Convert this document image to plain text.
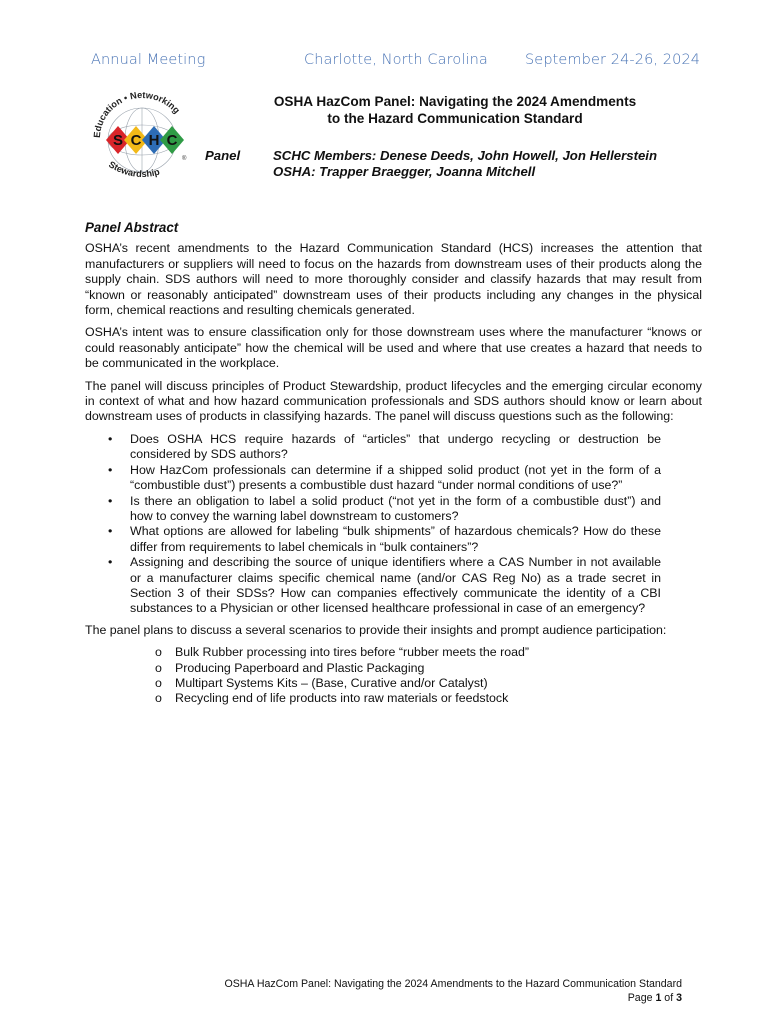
Annual Meeting	Charlotte, North Carolina	September 24-26, 2024
Education • Networking
S C H C
®
Stewardship
OSHA HazCom Panel: Navigating the 2024 Amendments
to the Hazard Communication Standard
Panel SCHC Members: Denese Deeds, John Howell, Jon Hellerstein
OSHA: Trapper Braegger, Joanna Mitchell
Panel Abstract

OSHA’s recent amendments to the Hazard Communication Standard (HCS) increases the attention that manufacturers or suppliers will need to focus on the hazards from downstream uses of their products along the supply chain. SDS authors will need to more thoroughly consider and classify hazards that may result from “known or reasonably anticipated” downstream uses of their products including any changes in the physical form, chemical reactions and resulting chemicals generated.

OSHA’s intent was to ensure classification only for those downstream uses where the manufacturer “knows or could reasonably anticipate” how the chemical will be used and where that use creates a hazard that needs to be communicated in the workplace.

The panel will discuss principles of Product Stewardship, product lifecycles and the emerging circular economy in context of what and how hazard communication professionals and SDS authors should know or learn about downstream uses of products in classifying hazards. The panel will discuss questions such as the following:

• Does OSHA HCS require hazards of “articles” that undergo recycling or destruction be considered by SDS authors?
• How HazCom professionals can determine if a shipped solid product (not yet in the form of a “combustible dust”) presents a combustible dust hazard “under normal conditions of use?”
• Is there an obligation to label a solid product (“not yet in the form of a combustible dust”) and how to convey the warning label downstream to customers?
• What options are allowed for labeling “bulk shipments” of hazardous chemicals? How do these differ from requirements to label chemicals in “bulk containers”?
• Assigning and describing the source of unique identifiers where a CAS Number in not available or a manufacturer claims specific chemical name (and/or CAS Reg No) as a trade secret in Section 3 of their SDSs? How can companies effectively communicate the identity of a CBI substances to a Physician or other licensed healthcare professional in case of an emergency?

The panel plans to discuss a several scenarios to provide their insights and prompt audience participation:

o Bulk Rubber processing into tires before “rubber meets the road”
o Producing Paperboard and Plastic Packaging
o Multipart Systems Kits – (Base, Curative and/or Catalyst)
o Recycling end of life products into raw materials or feedstock
OSHA HazCom Panel: Navigating the 2024 Amendments to the Hazard Communication Standard
Page 1 of 3
